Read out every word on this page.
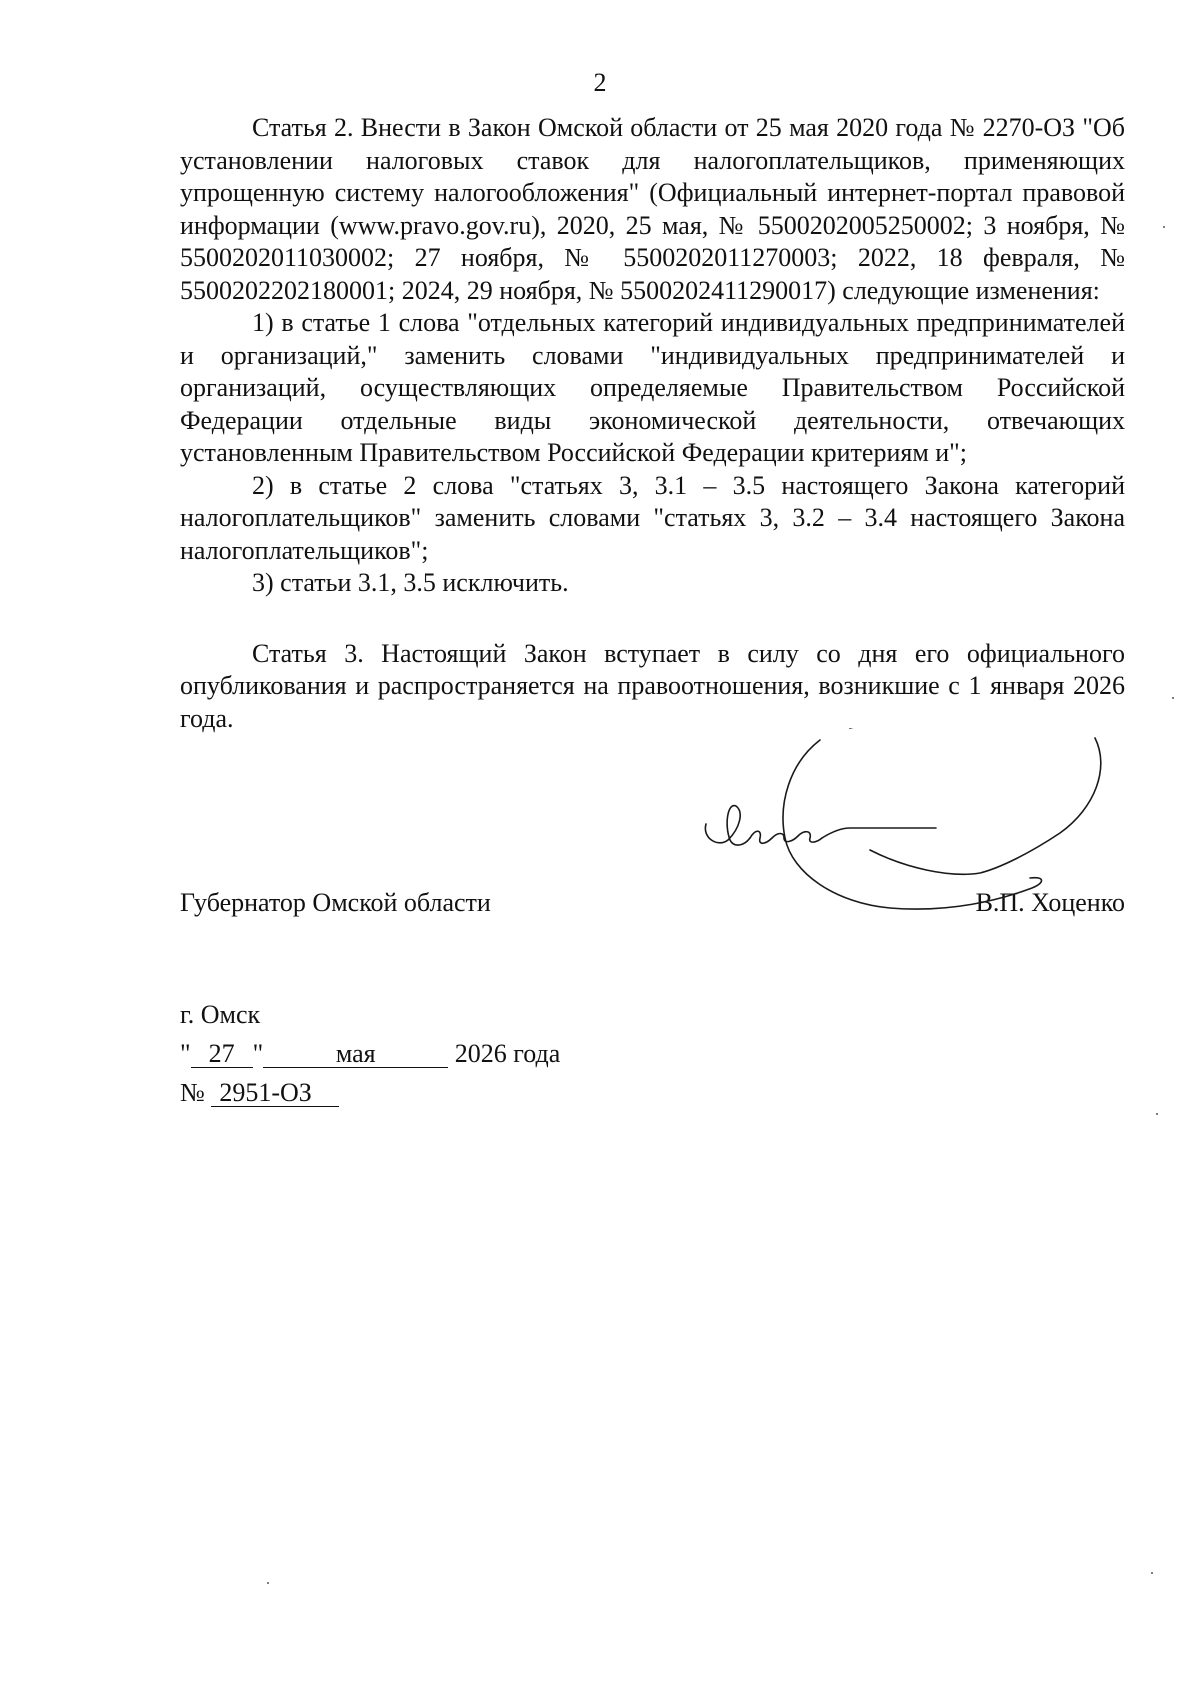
2

Статья 2. Внести в Закон Омской области от 25 мая 2020 года № 2270-ОЗ "Об установлении налоговых ставок для налогоплательщиков, применяющих упрощенную систему налогообложения" (Официальный интернет-портал правовой информации (www.pravo.gov.ru), 2020, 25 мая, № 5500202005250002; 3 ноября, № 5500202011030002; 27 ноября, № 5500202011270003; 2022, 18 февраля, № 5500202202180001; 2024, 29 ноября, № 5500202411290017) следующие изменения:

1) в статье 1 слова "отдельных категорий индивидуальных предпринимателей и организаций," заменить словами "индивидуальных предпринимателей и организаций, осуществляющих определяемые Правительством Российской Федерации отдельные виды экономической деятельности, отвечающих установленным Правительством Российской Федерации критериям и";

2) в статье 2 слова "статьях 3, 3.1 – 3.5 настоящего Закона категорий налогоплательщиков" заменить словами "статьях 3, 3.2 – 3.4 настоящего Закона налогоплательщиков";

3) статьи 3.1, 3.5 исключить.

Статья 3. Настоящий Закон вступает в силу со дня его официального опубликования и распространяется на правоотношения, возникшие с 1 января 2026 года.

Губернатор Омской области	В.П. Хоценко
г. Омск
" 27 "	мая	2026 года
№ 2951-ОЗ
